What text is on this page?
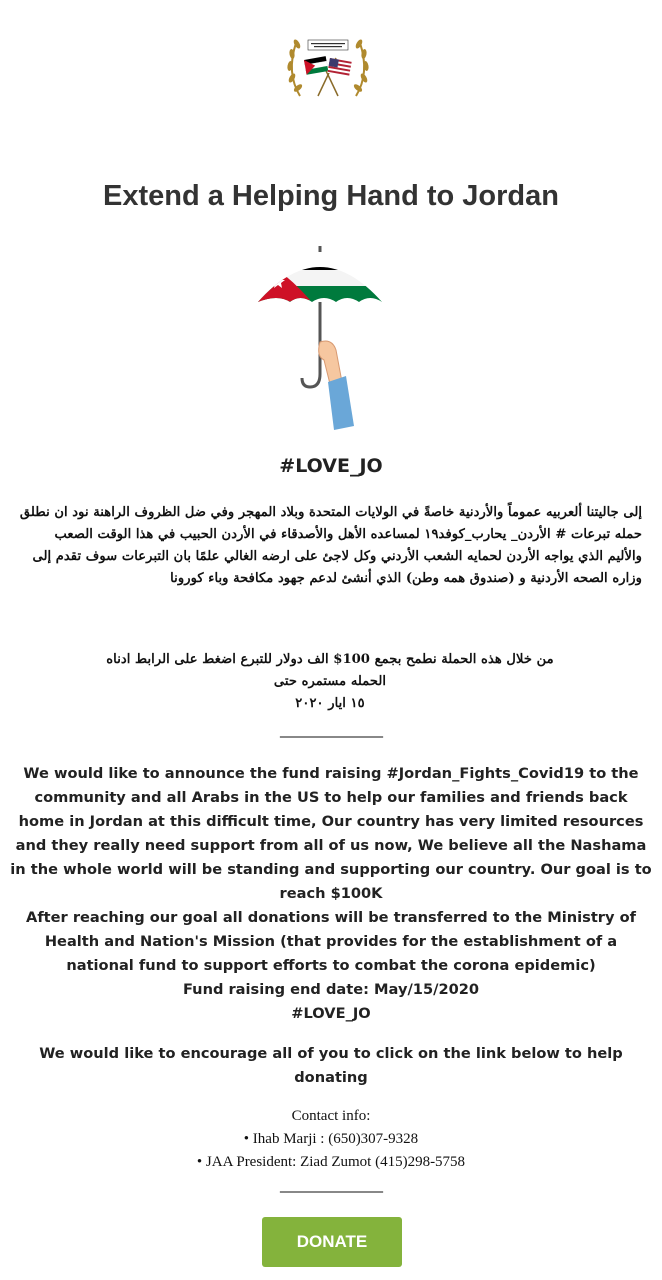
Extend a Helping Hand to Jordan
#LOVE_JO
إلى جاليتنا ألعربيه عموماً والأردنية خاصةً في الولايات المتحدة وبلاد المهجر وفي ضل الظروف الراهنة نود ان نطلق حمله تبرعات # الأردن_ يحارب_كوفد١٩ لمساعده الأهل والأصدقاء في الأردن الحبيب في هذا الوقت الصعب والأليم الذي يواجه الأردن لحمايه الشعب الأردني وكل لاجئ على ارضه الغالي علمًا بان التبرعات سوف تقدم إلى وزاره الصحه الأردنية و (صندوق همه وطن) الذي أنشئ لدعم جهود مكافحة وباء كورونا
من خلال هذه الحملة نطمح بجمع 100$ الف دولار للتبرع اضغط على الرابط ادناه
الحمله مستمره حتى
١٥ ايار ٢٠٢٠
_________________

We would like to announce the fund raising #Jordan_Fights_Covid19 to the community and all Arabs in the US to help our families and friends back home in Jordan at this difficult time, Our country has very limited resources and they really need support from all of us now, We believe all the Nashama in the whole world will be standing and supporting our country. Our goal is to reach $100K

After reaching our goal all donations will be transferred to the Ministry of Health and Nation's Mission (that provides for the establishment of a national fund to support efforts to combat the corona epidemic)

Fund raising end date: May/15/2020

#LOVE_JO

We would like to encourage all of you to click on the link below to help donating

Contact info:
• Ihab Marji : (650)307-9328
• JAA President: Ziad Zumot (415)298-5758
_________________
DONATE
